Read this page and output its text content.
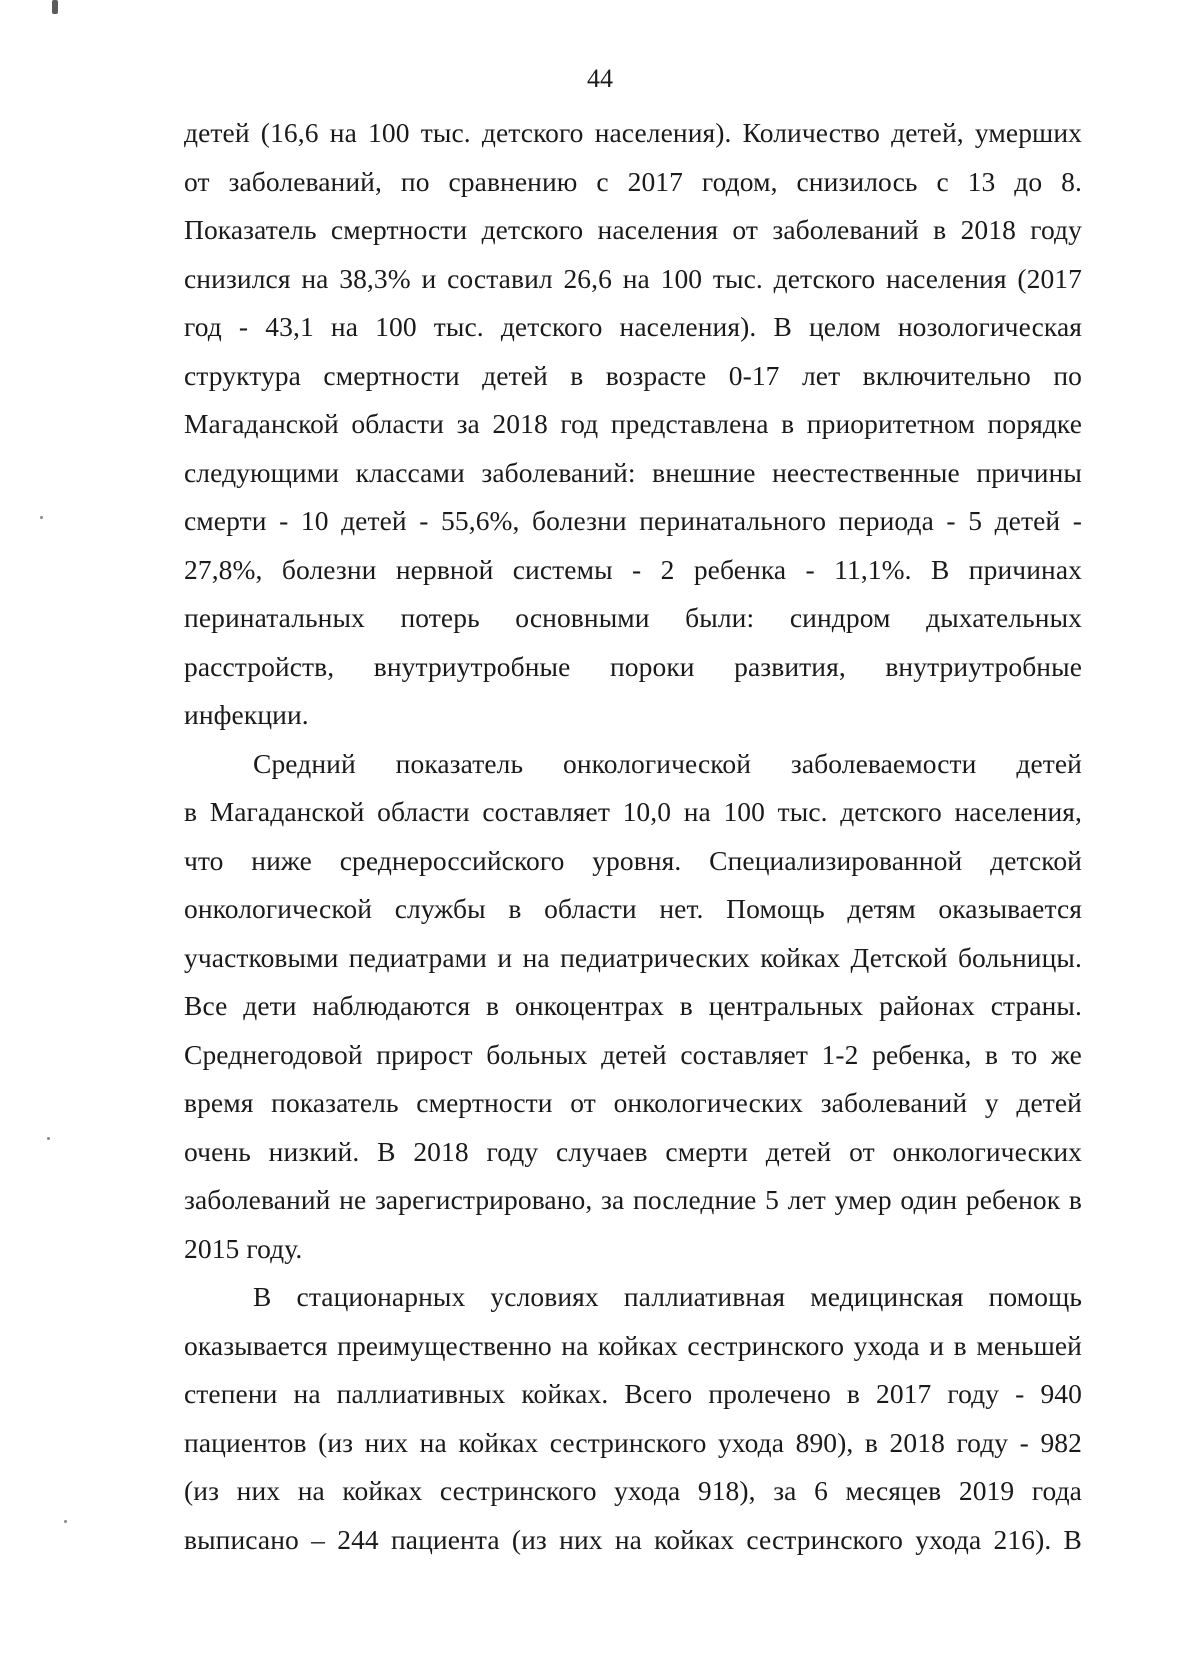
44
детей (16,6 на 100 тыс. детского населения). Количество детей, умерших
от заболеваний, по сравнению с 2017 годом, снизилось с 13 до 8.
Показатель смертности детского населения от заболеваний в 2018 году
снизился на 38,3% и составил 26,6 на 100 тыс. детского населения (2017
год - 43,1 на 100 тыс. детского населения). В целом нозологическая
структура смертности детей в возрасте 0-17 лет включительно по
Магаданской области за 2018 год представлена в приоритетном порядке
следующими классами заболеваний: внешние неестественные причины
смерти - 10 детей - 55,6%, болезни перинатального периода - 5 детей -
27,8%, болезни нервной системы - 2 ребенка - 11,1%. В причинах
перинатальных потерь основными были: синдром дыхательных
расстройств, внутриутробные пороки развития, внутриутробные
инфекции.
Средний показатель онкологической заболеваемости детей
в Магаданской области составляет 10,0 на 100 тыс. детского населения,
что ниже среднероссийского уровня. Специализированной детской
онкологической службы в области нет. Помощь детям оказывается
участковыми педиатрами и на педиатрических койках Детской больницы.
Все дети наблюдаются в онкоцентрах в центральных районах страны.
Среднегодовой прирост больных детей составляет 1-2 ребенка, в то же
время показатель смертности от онкологических заболеваний у детей
очень низкий. В 2018 году случаев смерти детей от онкологических
заболеваний не зарегистрировано, за последние 5 лет умер один ребенок в
2015 году.
В стационарных условиях паллиативная медицинская помощь
оказывается преимущественно на койках сестринского ухода и в меньшей
степени на паллиативных койках. Всего пролечено в 2017 году - 940
пациентов (из них на койках сестринского ухода 890), в 2018 году - 982
(из них на койках сестринского ухода 918), за 6 месяцев 2019 года
выписано – 244 пациента (из них на койках сестринского ухода 216). В
